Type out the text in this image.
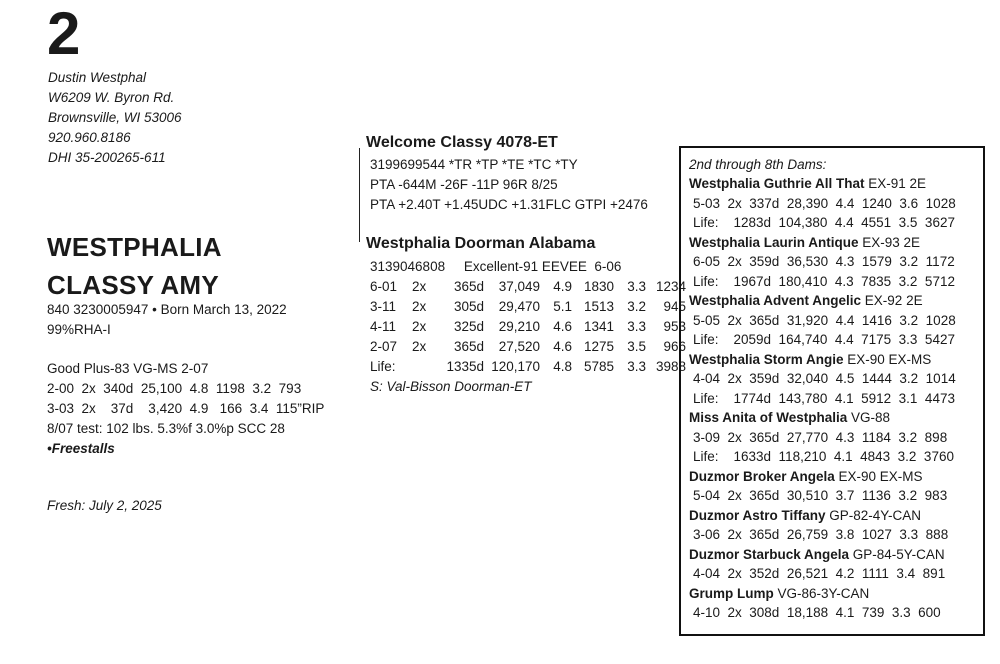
2
Dustin Westphal
W6209 W. Byron Rd.
Brownsville, WI 53006
920.960.8186
DHI 35-200265-611
WESTPHALIA
CLASSY AMY
840 3230005947 • Born March 13, 2022
99%RHA-I
Good Plus-83 VG-MS 2-07
2-00  2x  340d  25,100  4.8  1198  3.2  793
3-03  2x    37d    3,420  4.9   166  3.4  115”RIP
8/07 test: 102 lbs. 5.3%f 3.0%p SCC 28
•Freestalls
Fresh: July 2, 2025
Welcome Classy 4078-ET
3199699544 *TR *TP *TE *TC *TY
PTA -644M -26F -11P 96R 8/25
PTA +2.40T +1.45UDC +1.31FLC GTPI +2476
Westphalia Doorman Alabama
3139046808     Excellent-91 EEVEE  6-06
6-01	2x	365d	37,049	4.9	1830	3.3	1234
3-11	2x	305d	29,470	5.1	1513	3.2	945
4-11	2x	325d	29,210	4.6	1341	3.3	953
2-07	2x	365d	27,520	4.6	1275	3.5	966
Life:		1335d	120,170	4.8	5785	3.3	3988
S: Val-Bisson Doorman-ET
2nd through 8th Dams:
Westphalia Guthrie All That EX-91 2E
5-03  2x  337d  28,390  4.4  1240  3.6  1028
Life:    1283d  104,380  4.4  4551  3.5  3627
Westphalia Laurin Antique EX-93 2E
6-05  2x  359d  36,530  4.3  1579  3.2  1172
Life:    1967d  180,410  4.3  7835  3.2  5712
Westphalia Advent Angelic EX-92 2E
5-05  2x  365d  31,920  4.4  1416  3.2  1028
Life:    2059d  164,740  4.4  7175  3.3  5427
Westphalia Storm Angie EX-90 EX-MS
4-04  2x  359d  32,040  4.5  1444  3.2  1014
Life:    1774d  143,780  4.1  5912  3.1  4473
Miss Anita of Westphalia VG-88
3-09  2x  365d  27,770  4.3  1184  3.2  898
Life:    1633d  118,210  4.1  4843  3.2  3760
Duzmor Broker Angela EX-90 EX-MS
5-04  2x  365d  30,510  3.7  1136  3.2  983
Duzmor Astro Tiffany GP-82-4Y-CAN
3-06  2x  365d  26,759  3.8  1027  3.3  888
Duzmor Starbuck Angela GP-84-5Y-CAN
4-04  2x  352d  26,521  4.2  1111  3.4  891
Grump Lump VG-86-3Y-CAN
4-10  2x  308d  18,188  4.1  739  3.3  600
